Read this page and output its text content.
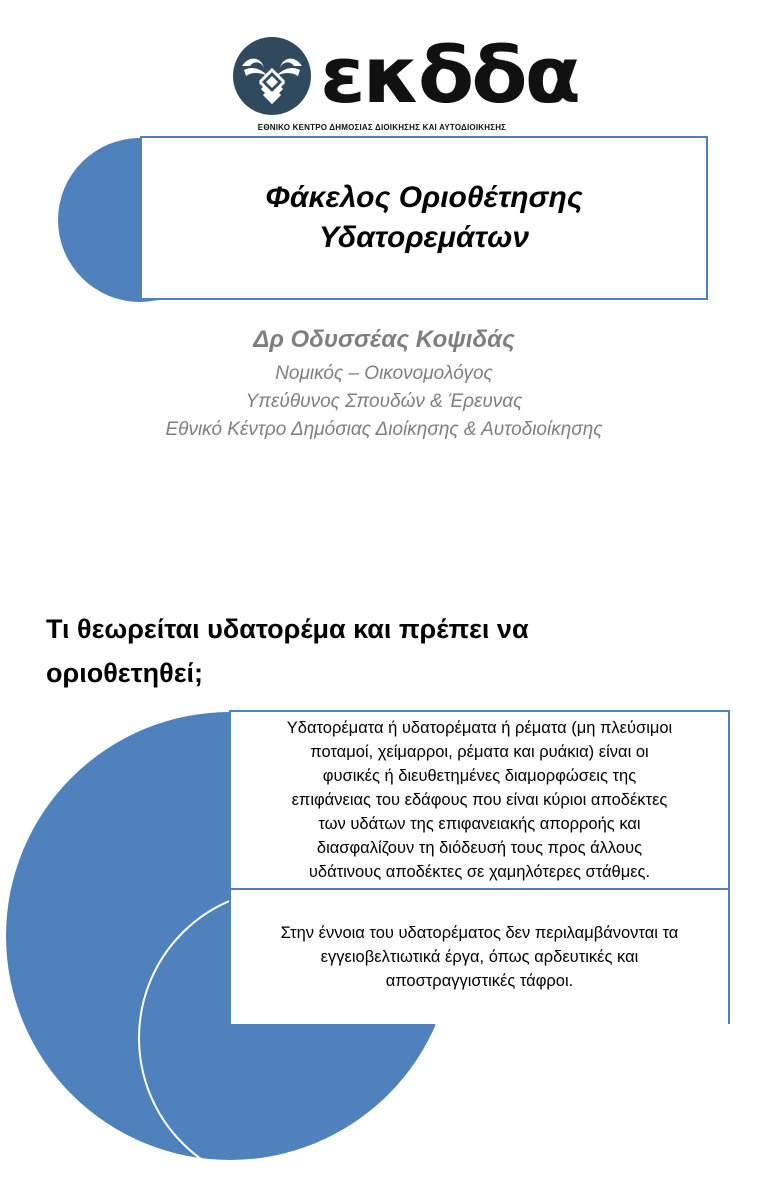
εκδδα
ΕΘΝΙΚΟ ΚΕΝΤΡΟ ΔΗΜΟΣΙΑΣ ΔΙΟΙΚΗΣΗΣ ΚΑΙ ΑΥΤΟΔΙΟΙΚΗΣΗΣ
Φάκελος Οριοθέτησης
Υδατορεμάτων
Δρ Οδυσσέας Κοψιδάς
Νομικός – Οικονομολόγος
Υπεύθυνος Σπουδών & Έρευνας
Εθνικό Κέντρο Δημόσιας Διοίκησης & Αυτοδιοίκησης
Τι θεωρείται υδατορέμα και πρέπει να
οριοθετηθεί;
Υδατορέματα ή υδατορέματα ή ρέματα (μη πλεύσιμοι
ποταμοί, χείμαρροι, ρέματα και ρυάκια) είναι οι
φυσικές ή διευθετημένες διαμορφώσεις της
επιφάνειας του εδάφους που είναι κύριοι αποδέκτες
των υδάτων της επιφανειακής απορροής και
διασφαλίζουν τη διόδευσή τους προς άλλους
υδάτινους αποδέκτες σε χαμηλότερες στάθμες.
Στην έννοια του υδατορέματος δεν περιλαμβάνονται τα
εγγειοβελτιωτικά έργα, όπως αρδευτικές και
αποστραγγιστικές τάφροι.
